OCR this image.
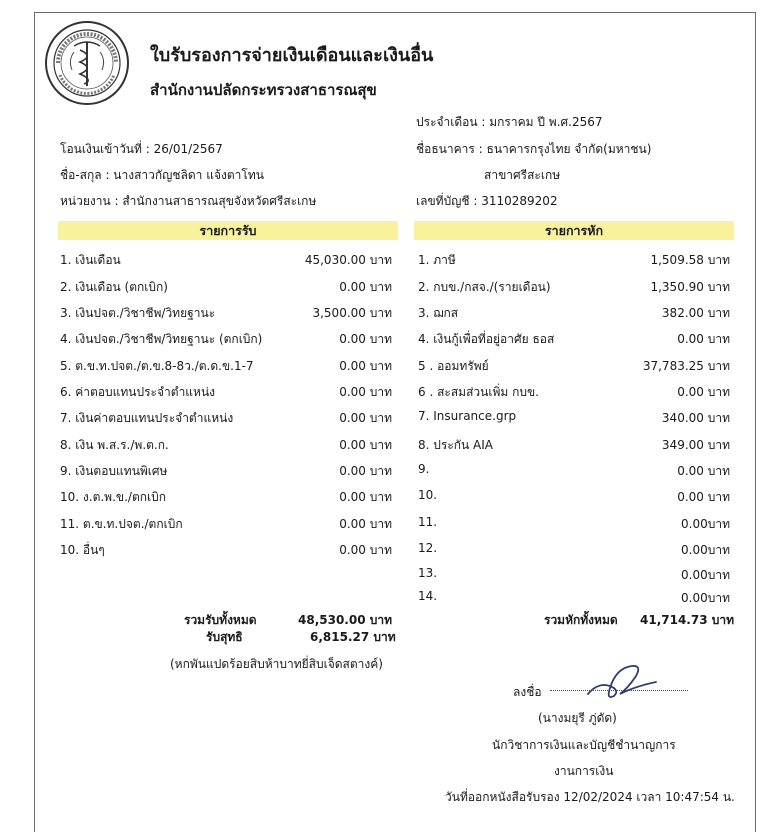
ใบรับรองการจ่ายเงินเดือนและเงินอื่น
สำนักงานปลัดกระทรวงสาธารณสุข
ประจำเดือน : มกราคม ปี พ.ศ.2567
โอนเงินเข้าวันที่ : 26/01/2567	ชื่อธนาคาร : ธนาคารกรุงไทย จำกัด(มหาชน)
ชื่อ-สกุล : นางสาวกัญชลิดา แจ้งตาโทน	สาขาศรีสะเกษ
หน่วยงาน : สำนักงานสาธารณสุขจังหวัดศรีสะเกษ	เลขที่บัญชี : 3110289202
รายการรับ	รายการหัก
1. เงินเดือน	45,030.00 บาท
2. เงินเดือน (ตกเบิก)	0.00 บาท
3. เงินปจต./วิชาชีพ/วิทยฐานะ	3,500.00 บาท
4. เงินปจต./วิชาชีพ/วิทยฐานะ (ตกเบิก)	0.00 บาท
5. ต.ข.ท.ปจต./ต.ข.8-8ว./ต.ด.ข.1-7	0.00 บาท
6. ค่าตอบแทนประจำตำแหน่ง	0.00 บาท
7. เงินค่าตอบแทนประจำตำแหน่ง	0.00 บาท
8. เงิน พ.ส.ร./พ.ต.ก.	0.00 บาท
9. เงินตอบแทนพิเศษ	0.00 บาท
10. ง.ต.พ.ข./ตกเบิก	0.00 บาท
11. ต.ข.ท.ปจต./ตกเบิก	0.00 บาท
10. อื่นๆ	0.00 บาท
1. ภาษี	1,509.58 บาท
2. กบข./กสจ./(รายเดือน)	1,350.90 บาท
3. ฌกส	382.00 บาท
4. เงินกู้เพื่อที่อยู่อาศัย ธอส	0.00 บาท
5 . ออมทรัพย์	37,783.25 บาท
6 . สะสมส่วนเพิ่ม กบข.	0.00 บาท
7. Insurance.grp	340.00 บาท
8. ประกัน AIA	349.00 บาท
9.	0.00 บาท
10.	0.00 บาท
11.	0.00บาท
12.	0.00บาท
13.	0.00บาท
14.	0.00บาท
รวมรับทั้งหมด	48,530.00 บาท
รับสุทธิ	6,815.27 บาท
(หกพันแปดร้อยสิบห้าบาทยี่สิบเจ็ดสตางค์)
รวมหักทั้งหมด 41,714.73 บาท
ลงชื่อ
(นางมยุรี ภู่ดัด)
นักวิชาการเงินและบัญชีชำนาญการ
งานการเงิน
วันที่ออกหนังสือรับรอง 12/02/2024 เวลา 10:47:54 น.
